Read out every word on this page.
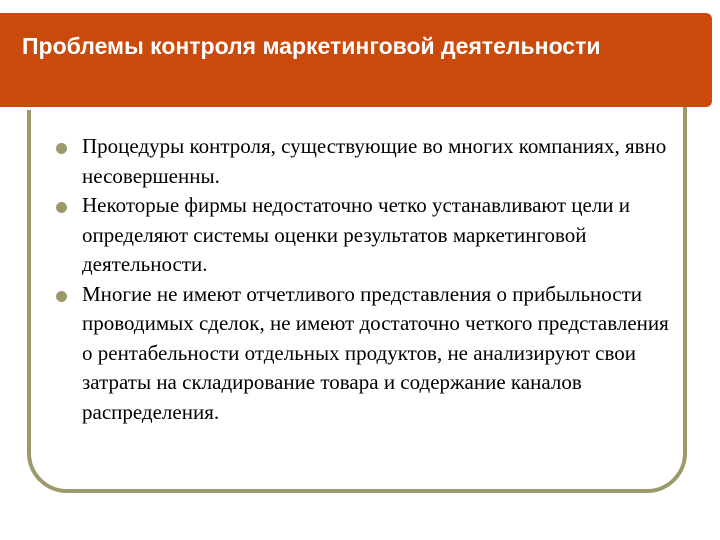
Проблемы контроля маркетинговой деятельности
Процедуры контроля, существующие во многих компаниях, явно несовершенны.
Некоторые фирмы недостаточно четко устанавливают цели и определяют системы оценки результатов маркетинговой деятельности.
Многие не имеют отчетливого представления о прибыльности проводимых сделок, не имеют достаточно четкого представления о рентабельности отдельных продуктов, не анализируют свои затраты на складирование товара и содержание каналов распределения.
